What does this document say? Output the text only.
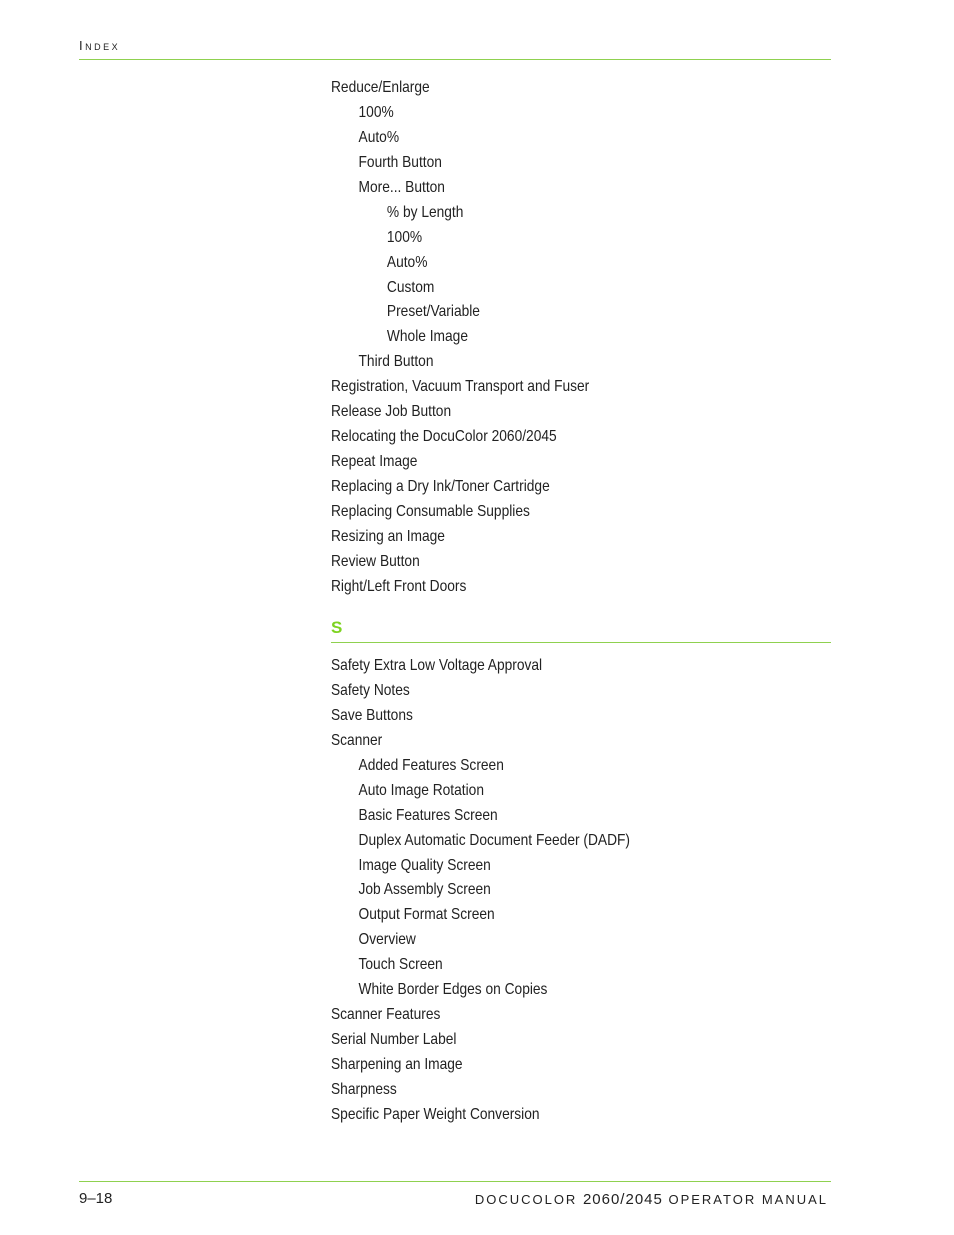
Index
Reduce/Enlarge
100%
Auto%
Fourth Button
More... Button
% by Length
100%
Auto%
Custom
Preset/Variable
Whole Image
Third Button
Registration, Vacuum Transport and Fuser
Release Job Button
Relocating the DocuColor 2060/2045
Repeat Image
Replacing a Dry Ink/Toner Cartridge
Replacing Consumable Supplies
Resizing an Image
Review Button
Right/Left Front Doors
S
Safety Extra Low Voltage Approval
Safety Notes
Save Buttons
Scanner
Added Features Screen
Auto Image Rotation
Basic Features Screen
Duplex Automatic Document Feeder (DADF)
Image Quality Screen
Job Assembly Screen
Output Format Screen
Overview
Touch Screen
White Border Edges on Copies
Scanner Features
Serial Number Label
Sharpening an Image
Sharpness
Specific Paper Weight Conversion
9–18	DOCUCOLOR 2060/2045 OPERATOR MANUAL
